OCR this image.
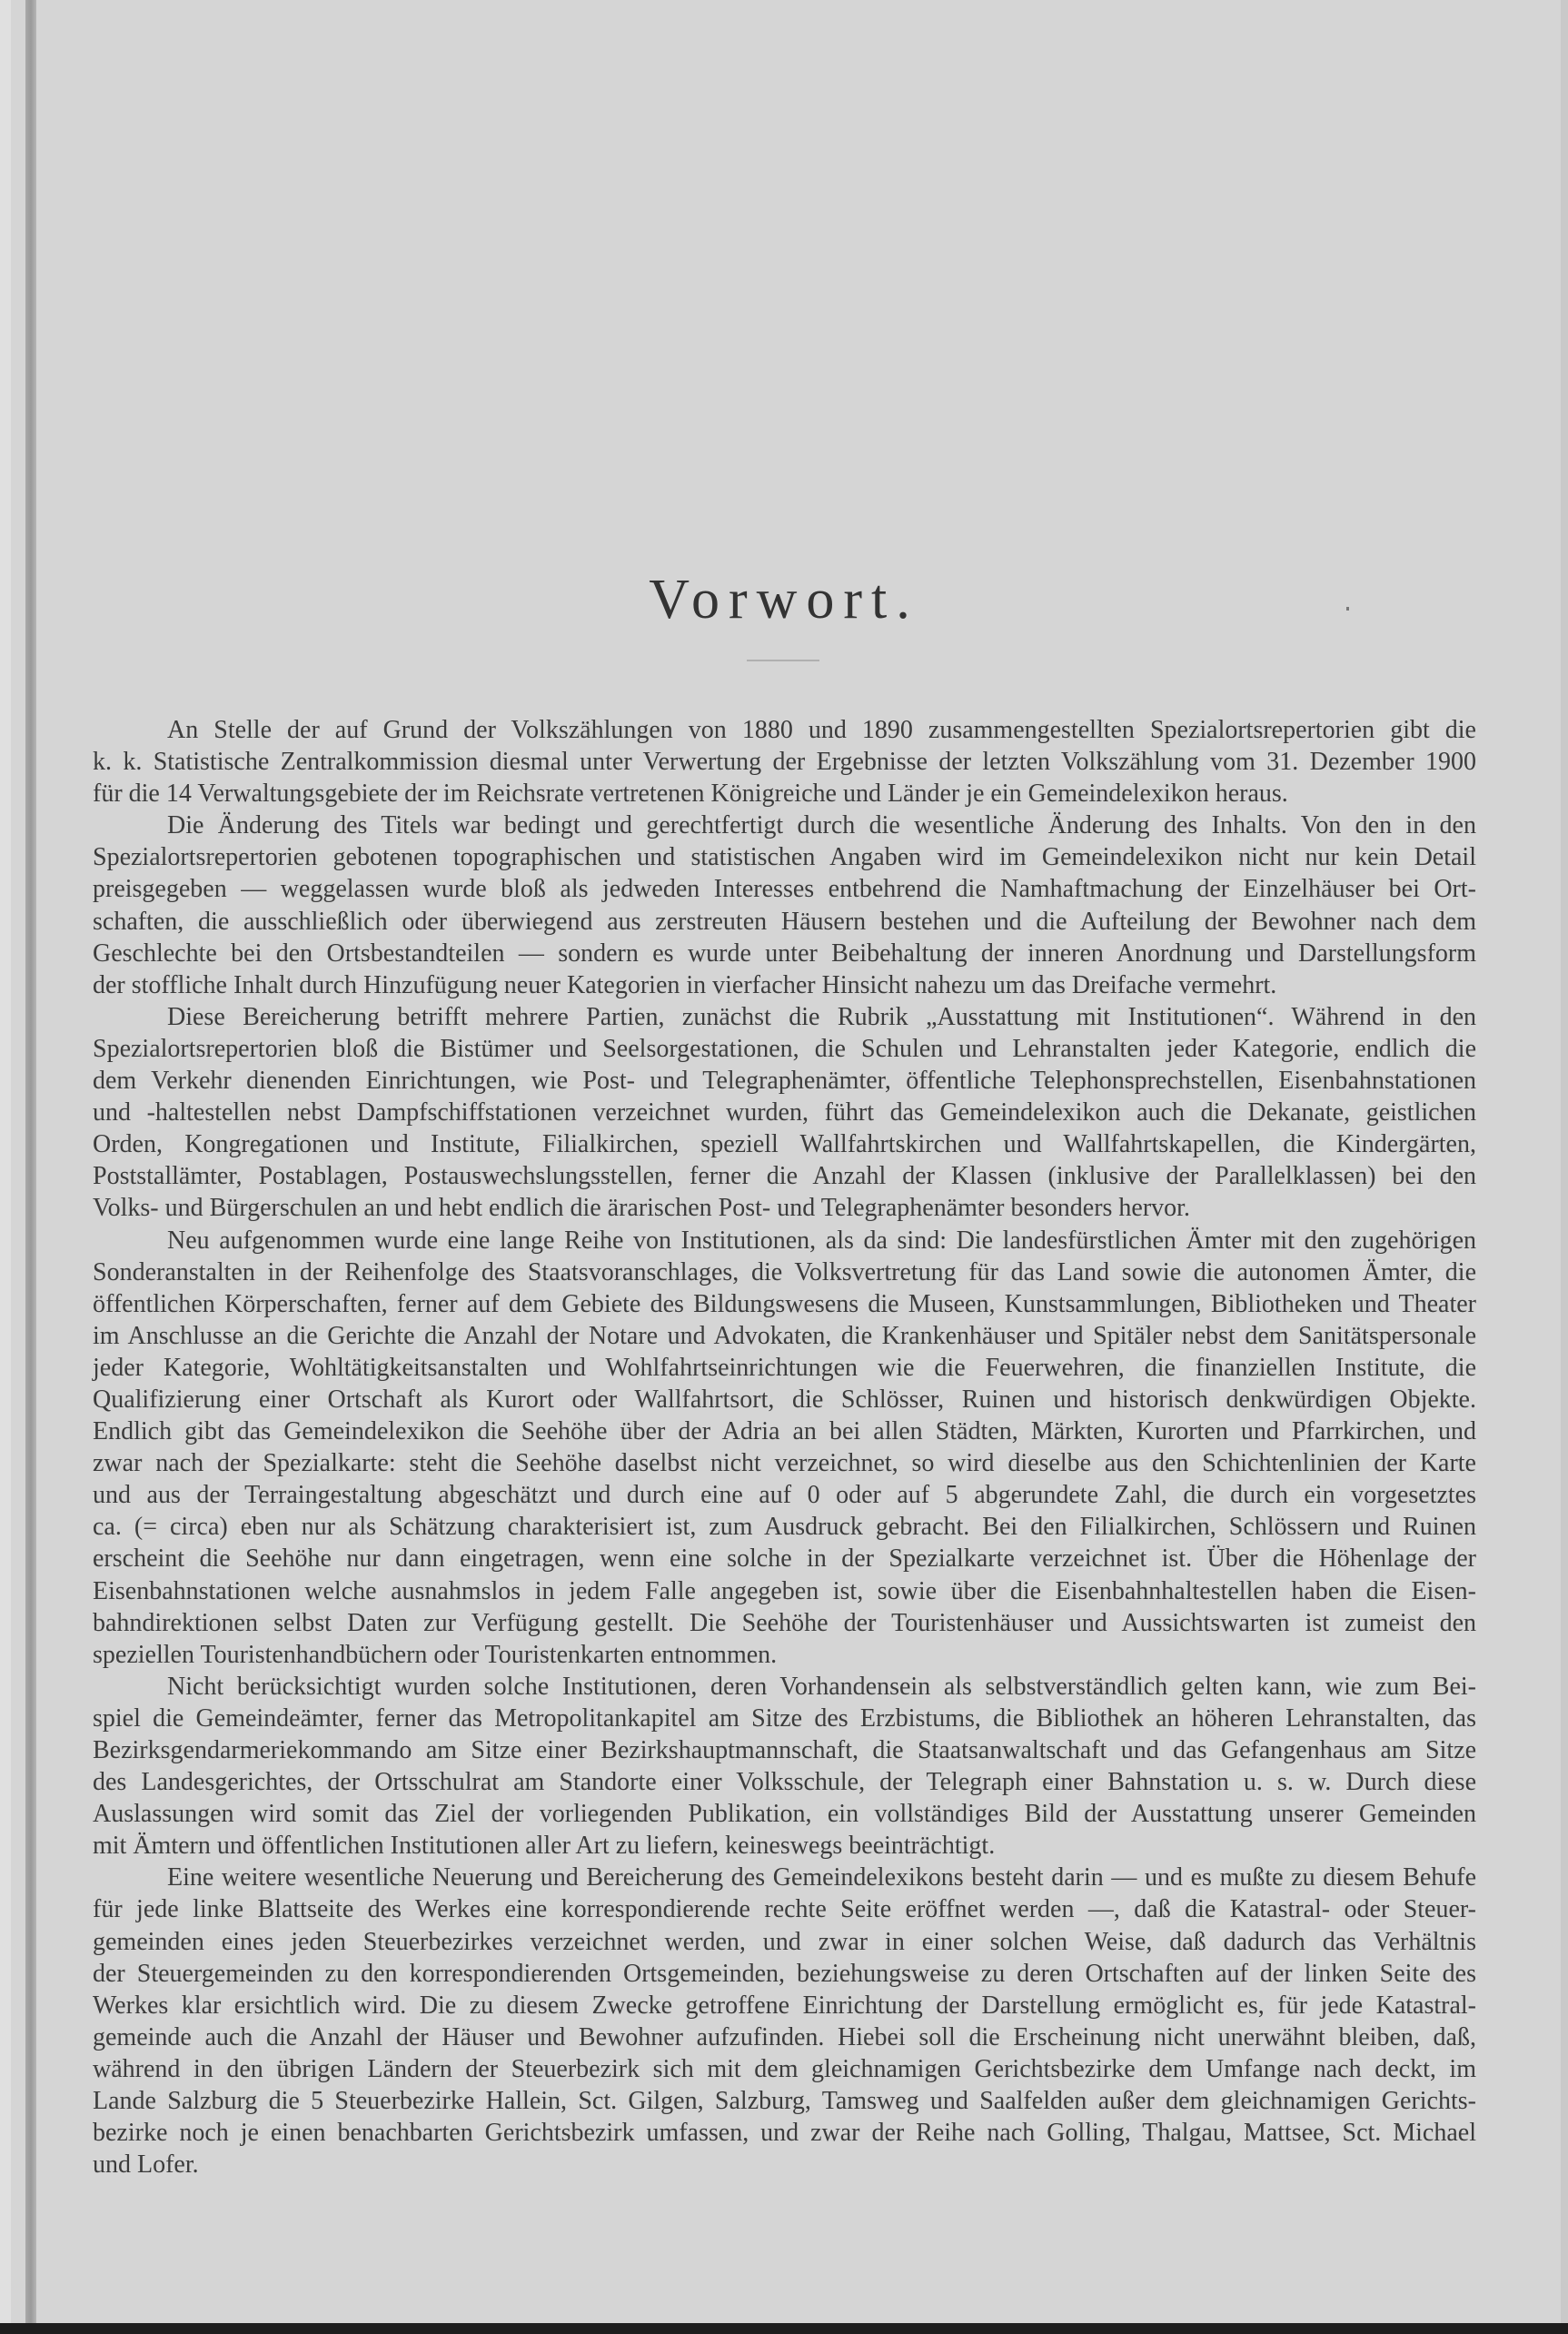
Vorwort.
An Stelle der auf Grund der Volkszählungen von 1880 und 1890 zusammengestellten Spezialortsrepertorien gibt die
k. k. Statistische Zentralkommission diesmal unter Verwertung der Ergebnisse der letzten Volkszählung vom 31. Dezember 1900
für die 14 Verwaltungsgebiete der im Reichsrate vertretenen Königreiche und Länder je ein Gemeindelexikon heraus.
Die Änderung des Titels war bedingt und gerechtfertigt durch die wesentliche Änderung des Inhalts. Von den in den
Spezialortsrepertorien gebotenen topographischen und statistischen Angaben wird im Gemeindelexikon nicht nur kein Detail
preisgegeben — weggelassen wurde bloß als jedweden Interesses entbehrend die Namhaftmachung der Einzelhäuser bei Ort-
schaften, die ausschließlich oder überwiegend aus zerstreuten Häusern bestehen und die Aufteilung der Bewohner nach dem
Geschlechte bei den Ortsbestandteilen — sondern es wurde unter Beibehaltung der inneren Anordnung und Darstellungsform
der stoffliche Inhalt durch Hinzufügung neuer Kategorien in vierfacher Hinsicht nahezu um das Dreifache vermehrt.
Diese Bereicherung betrifft mehrere Partien, zunächst die Rubrik „Ausstattung mit Institutionen“. Während in den
Spezialortsrepertorien bloß die Bistümer und Seelsorgestationen, die Schulen und Lehranstalten jeder Kategorie, endlich die
dem Verkehr dienenden Einrichtungen, wie Post- und Telegraphenämter, öffentliche Telephonsprechstellen, Eisenbahnstationen
und -haltestellen nebst Dampfschiffstationen verzeichnet wurden, führt das Gemeindelexikon auch die Dekanate, geistlichen
Orden, Kongregationen und Institute, Filialkirchen, speziell Wallfahrtskirchen und Wallfahrtskapellen, die Kindergärten,
Poststallämter, Postablagen, Postauswechslungsstellen, ferner die Anzahl der Klassen (inklusive der Parallelklassen) bei den
Volks- und Bürgerschulen an und hebt endlich die ärarischen Post- und Telegraphenämter besonders hervor.
Neu aufgenommen wurde eine lange Reihe von Institutionen, als da sind: Die landesfürstlichen Ämter mit den zugehörigen
Sonderanstalten in der Reihenfolge des Staatsvoranschlages, die Volksvertretung für das Land sowie die autonomen Ämter, die
öffentlichen Körperschaften, ferner auf dem Gebiete des Bildungswesens die Museen, Kunstsammlungen, Bibliotheken und Theater
im Anschlusse an die Gerichte die Anzahl der Notare und Advokaten, die Krankenhäuser und Spitäler nebst dem Sanitätspersonale
jeder Kategorie, Wohltätigkeitsanstalten und Wohlfahrtseinrichtungen wie die Feuerwehren, die finanziellen Institute, die
Qualifizierung einer Ortschaft als Kurort oder Wallfahrtsort, die Schlösser, Ruinen und historisch denkwürdigen Objekte.
Endlich gibt das Gemeindelexikon die Seehöhe über der Adria an bei allen Städten, Märkten, Kurorten und Pfarrkirchen, und
zwar nach der Spezialkarte: steht die Seehöhe daselbst nicht verzeichnet, so wird dieselbe aus den Schichtenlinien der Karte
und aus der Terraingestaltung abgeschätzt und durch eine auf 0 oder auf 5 abgerundete Zahl, die durch ein vorgesetztes
ca. (= circa) eben nur als Schätzung charakterisiert ist, zum Ausdruck gebracht. Bei den Filialkirchen, Schlössern und Ruinen
erscheint die Seehöhe nur dann eingetragen, wenn eine solche in der Spezialkarte verzeichnet ist. Über die Höhenlage der
Eisenbahnstationen welche ausnahmslos in jedem Falle angegeben ist, sowie über die Eisenbahnhaltestellen haben die Eisen-
bahndirektionen selbst Daten zur Verfügung gestellt. Die Seehöhe der Touristenhäuser und Aussichtswarten ist zumeist den
speziellen Touristenhandbüchern oder Touristenkarten entnommen.
Nicht berücksichtigt wurden solche Institutionen, deren Vorhandensein als selbstverständlich gelten kann, wie zum Bei-
spiel die Gemeindeämter, ferner das Metropolitankapitel am Sitze des Erzbistums, die Bibliothek an höheren Lehranstalten, das
Bezirksgendarmeriekommando am Sitze einer Bezirkshauptmannschaft, die Staatsanwaltschaft und das Gefangenhaus am Sitze
des Landesgerichtes, der Ortsschulrat am Standorte einer Volksschule, der Telegraph einer Bahnstation u. s. w. Durch diese
Auslassungen wird somit das Ziel der vorliegenden Publikation, ein vollständiges Bild der Ausstattung unserer Gemeinden
mit Ämtern und öffentlichen Institutionen aller Art zu liefern, keineswegs beeinträchtigt.
Eine weitere wesentliche Neuerung und Bereicherung des Gemeindelexikons besteht darin — und es mußte zu diesem Behufe
für jede linke Blattseite des Werkes eine korrespondierende rechte Seite eröffnet werden —, daß die Katastral- oder Steuer-
gemeinden eines jeden Steuerbezirkes verzeichnet werden, und zwar in einer solchen Weise, daß dadurch das Verhältnis
der Steuergemeinden zu den korrespondierenden Ortsgemeinden, beziehungsweise zu deren Ortschaften auf der linken Seite des
Werkes klar ersichtlich wird. Die zu diesem Zwecke getroffene Einrichtung der Darstellung ermöglicht es, für jede Katastral-
gemeinde auch die Anzahl der Häuser und Bewohner aufzufinden. Hiebei soll die Erscheinung nicht unerwähnt bleiben, daß,
während in den übrigen Ländern der Steuerbezirk sich mit dem gleichnamigen Gerichtsbezirke dem Umfange nach deckt, im
Lande Salzburg die 5 Steuerbezirke Hallein, Sct. Gilgen, Salzburg, Tamsweg und Saalfelden außer dem gleichnamigen Gerichts-
bezirke noch je einen benachbarten Gerichtsbezirk umfassen, und zwar der Reihe nach Golling, Thalgau, Mattsee, Sct. Michael
und Lofer.
